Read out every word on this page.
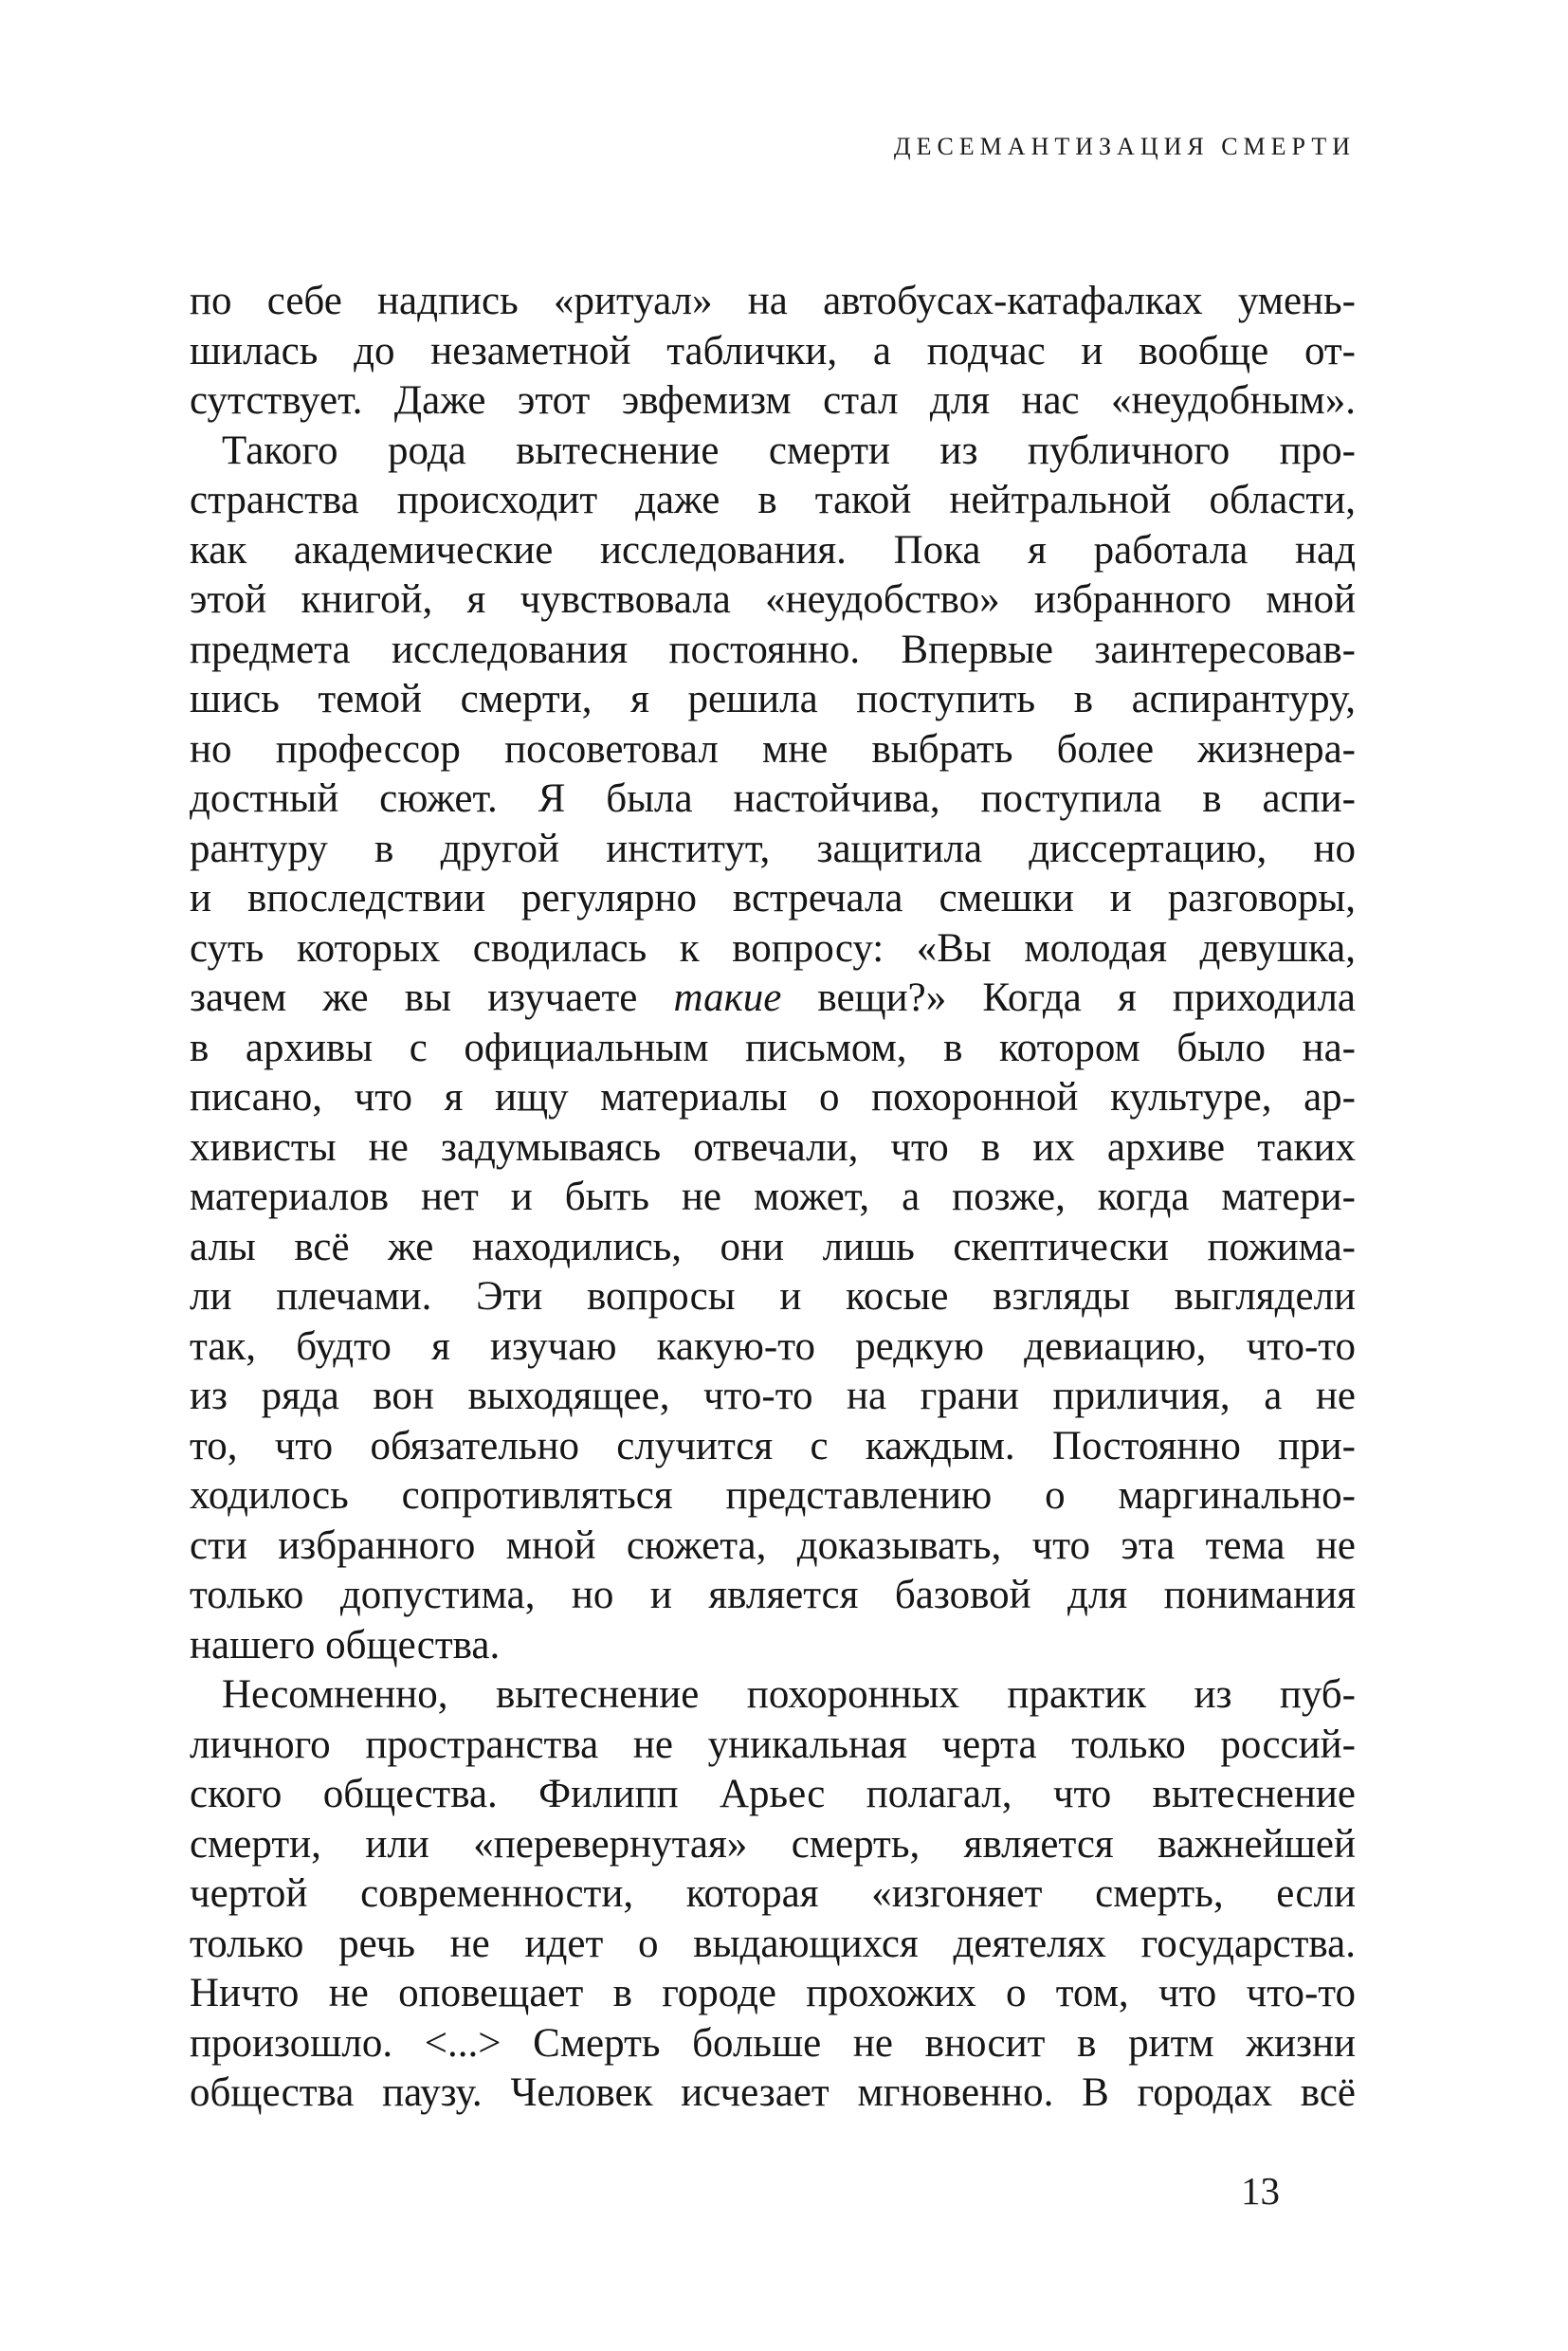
ДЕСЕМАНТИЗАЦИЯ СМЕРТИ
по себе надпись «ритуал» на автобусах-катафалках умень-
шилась до незаметной таблички, а подчас и вообще от-
сутствует. Даже этот эвфемизм стал для нас «неудобным».
Такого рода вытеснение смерти из публичного про-
странства происходит даже в такой нейтральной области,
как академические исследования. Пока я работала над
этой книгой, я чувствовала «неудобство» избранного мной
предмета исследования постоянно. Впервые заинтересовав-
шись темой смерти, я решила поступить в аспирантуру,
но профессор посоветовал мне выбрать более жизнера-
достный сюжет. Я была настойчива, поступила в аспи-
рантуру в другой институт, защитила диссертацию, но
и впоследствии регулярно встречала смешки и разговоры,
суть которых сводилась к вопросу: «Вы молодая девушка,
зачем же вы изучаете такие вещи?» Когда я приходила
в архивы с официальным письмом, в котором было на-
писано, что я ищу материалы о похоронной культуре, ар-
хивисты не задумываясь отвечали, что в их архиве таких
материалов нет и быть не может, а позже, когда матери-
алы всё же находились, они лишь скептически пожима-
ли плечами. Эти вопросы и косые взгляды выглядели
так, будто я изучаю какую-то редкую девиацию, что-то
из ряда вон выходящее, что-то на грани приличия, а не
то, что обязательно случится с каждым. Постоянно при-
ходилось сопротивляться представлению о маргинально-
сти избранного мной сюжета, доказывать, что эта тема не
только допустима, но и является базовой для понимания
нашего общества.
Несомненно, вытеснение похоронных практик из пуб-
личного пространства не уникальная черта только россий-
ского общества. Филипп Арьес полагал, что вытеснение
смерти, или «перевернутая» смерть, является важнейшей
чертой современности, которая «изгоняет смерть, если
только речь не идет о выдающихся деятелях государства.
Ничто не оповещает в городе прохожих о том, что что-то
произошло. <...> Смерть больше не вносит в ритм жизни
общества паузу. Человек исчезает мгновенно. В городах всё
13
